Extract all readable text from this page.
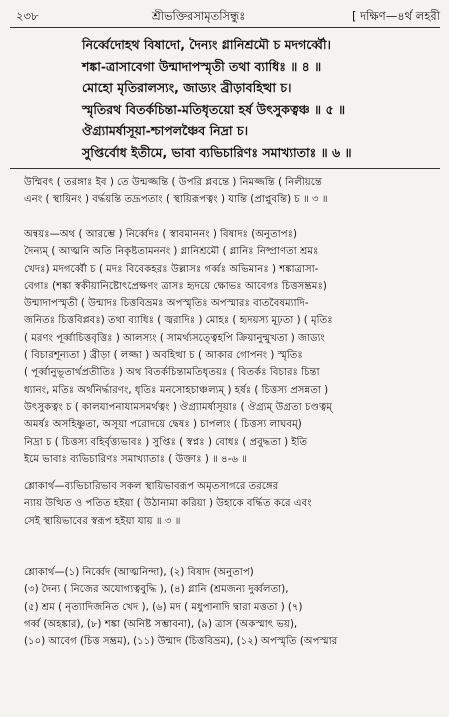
২৩৮	শ্রীভক্তিরসামৃতসিন্ধুঃ	[ দক্ষিণ—৪র্থ লহরী
নির্ব্বেদোহথ বিষাদো, দৈন্যং গ্লানিশ্রমৌ চ মদগর্ব্বৌ।
শঙ্কা-ত্রাসাবেগা উন্মাদাপস্মৃতী তথা ব্যাধিঃ ॥ ৪ ॥
মোহো মৃতিরালস্যং, জাড্যং ব্রীড়াবহিত্থা চ।
স্মৃতিরথ বিতর্কচিন্তা-মতিধৃতয়ো হর্ষ উৎসুকত্বঞ্চ ॥ ৫ ॥
ঔগ্র্যামর্ষাসূয়া-শ্চাপলঞ্চৈব নিদ্রা চ।
সুপ্তির্বোধ ইতীমে, ভাবা ব্যভিচারিণঃ সমাখ্যাতাঃ ॥ ৬ ॥
উম্মিবৎ ( তরঙ্গাঃ ইব ) তে উন্মজ্জন্তি ( উপরি প্লবন্তে ) নিমজ্জন্তি ( নিলীয়ন্তে
এনং ( স্থায়িনং ) বর্দ্ধয়ন্তি তদ্রূপতাং ( স্থায়িরূপত্বং ) যান্তি (প্রাপ্নুবন্তি) চ ॥ ৩ ॥
অন্বয়ঃ—অথ ( আরম্ভে ) নির্ব্বেদঃ ( স্বাবমাননং ) বিষাদঃ (অনুতাপঃ)
দৈন্যম্ ( আত্মনি অতি নিকৃষ্টতামননং ) গ্লানিশ্রমৌ ( গ্লানিঃ নিষ্প্রাণতা শ্রমঃ
খেদঃ) মদগর্ব্বৌ চ ( মদঃ বিবেকহরঃ উল্লাসঃ গর্ব্বঃ অভিমানঃ ) শঙ্কাত্রাসা-
বেগাঃ (শঙ্কা স্বকীয়ানিষ্টোৎপ্রেক্ষণং ত্রাসঃ হৃদয়ে ক্ষোভঃ আবেগঃ চিত্তসম্ভ্রমঃ)
উন্মাদাপস্মৃতী ( উন্মাদঃ চিত্তবিভ্রমঃ অপস্মৃতিঃ অপস্মারঃ বাতবৈষম্যাদি-
জনিতঃ চিত্তবিপ্লবঃ) তথা ব্যাধিঃ ( জ্বরাদিঃ ) মোহঃ ( হৃদয়স্য মূঢ়তা ) ( মৃতিঃ
( মরণং পূর্ব্বাচিত্তবৃত্তিঃ ) আলস্যং ( সামর্থ্যসত্ত্বেহপি ক্রিয়ানুন্মুখতা ) জাড্যং
( বিচারশূন্যতা ) ব্রীড়া ( লজ্জা ) অবহিত্থা চ ( আকার গোপনং ) স্মৃতিঃ
( পূর্ব্বানুভূতার্থপ্রতীতিঃ ) অথ বিতর্কচিন্তামতিধৃতয়ঃ ( বিতর্কঃ বিচারঃ চিন্তা
ধ্যানং, মতিঃ অর্থনির্দ্ধারণং, ধৃতিঃ মনসোহচাঞ্চল্যম্ ) হর্ষঃ ( চিত্তস্য প্রসন্নতা )
উৎসুকত্বং চ ( কালযাপনাযামসমর্থত্বং ) ঔগ্র্যামর্ষাসূয়াঃ ( ঔগ্র্যম্ উগ্রতা চণ্ডত্বম্
অমর্ষঃ অসহিষ্ণুতা, অসূয়া পরোদয়ে দ্বেষঃ ) চাপল্যং ( চিত্তস্য লাঘবম্)
নিদ্রা চ ( চিত্তস্য বহির্বৃত্ত্যভাবঃ ) সুপ্তিঃ ( স্বপ্নঃ ) বোধঃ ( প্রবুদ্ধতা ) ইতি
ইমে ভাবাঃ ব্যভিচারিণঃ সমাখ্যাতাঃ ( উক্তাঃ ) ॥ ৪-৬ ॥
শ্লোকার্থ—ব্যভিচারিভাব সকল স্থায়িভাবরূপ অমৃতসাগরে তরঙ্গের
ন্যায় উত্থিত ও পতিত হইয়া ( উঠানামা করিয়া ) উহাকে বৰ্দ্ধিত করে এবং
সেই স্থায়িভাবের স্বরূপ হইয়া যায় ॥ ৩ ॥
শ্লোকার্থ—(১) নির্ব্বেদ (আত্মনিন্দা), (২) বিষাদ (অনুতাপ)
(৩) দৈন্য ( নিজের অযোগ্যত্ববুদ্ধি ), (৪) গ্লানি (শ্রমজন্য দুর্ব্বলতা),
(৫) শ্রম ( নৃত্যাদিজনিত খেদ ), (৬) মদ ( মধুপানাদি দ্বারা মত্ততা ) (৭)
গর্ব্ব (অহঙ্কার), (৮) শঙ্কা (অনিষ্ট সম্ভাবনা), (৯) ত্রাস (অকস্মাৎ ভয়),
(১০) আবেগ (চিত্ত সম্ভ্রম), (১১) উন্মাদ (চিত্তবিভ্রম), (১২) অপস্মৃতি (অপস্মার
